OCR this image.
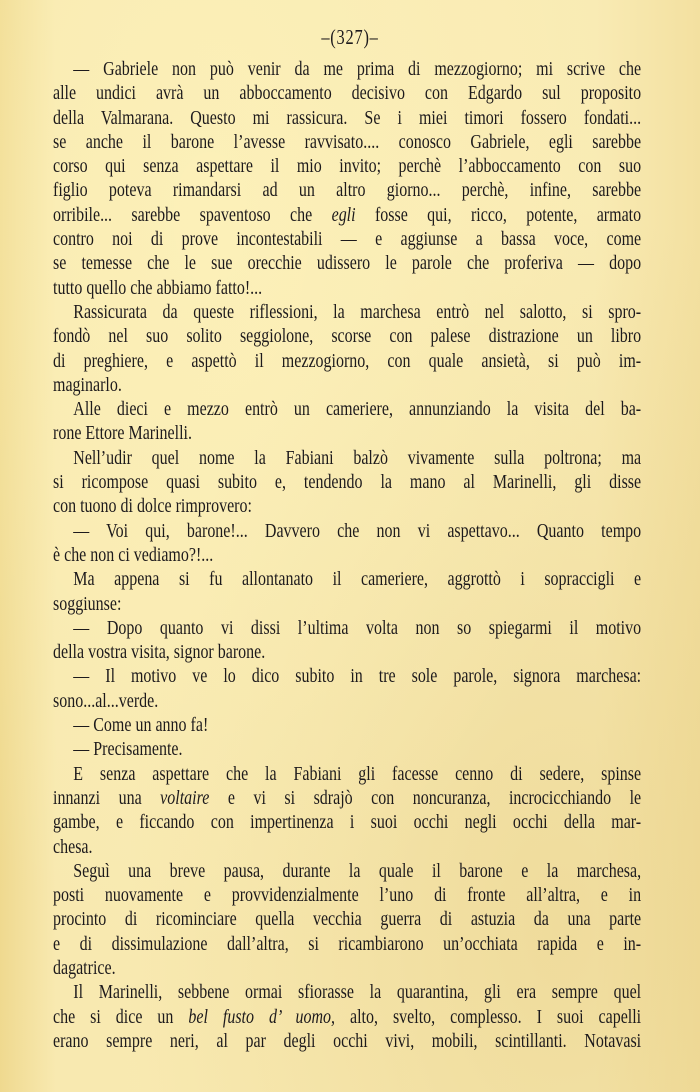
–(327)–
— Gabriele non può venir da me prima di mezzogiorno; mi scrive che
alle undici avrà un abboccamento decisivo con Edgardo sul proposito
della Valmarana. Questo mi rassicura. Se i miei timori fossero fondati...
se anche il barone l’avesse ravvisato.... conosco Gabriele, egli sarebbe
corso qui senza aspettare il mio invito; perchè l’abboccamento con suo
figlio poteva rimandarsi ad un altro giorno... perchè, infine, sarebbe
orribile... sarebbe spaventoso che egli fosse qui, ricco, potente, armato
contro noi di prove incontestabili — e aggiunse a bassa voce, come
se temesse che le sue orecchie udissero le parole che proferiva — dopo
tutto quello che abbiamo fatto!...
Rassicurata da queste riflessioni, la marchesa entrò nel salotto, si spro-
fondò nel suo solito seggiolone, scorse con palese distrazione un libro
di preghiere, e aspettò il mezzogiorno, con quale ansietà, si può im-
maginarlo.
Alle dieci e mezzo entrò un cameriere, annunziando la visita del ba-
rone Ettore Marinelli.
Nell’udir quel nome la Fabiani balzò vivamente sulla poltrona; ma
si ricompose quasi subito e, tendendo la mano al Marinelli, gli disse
con tuono di dolce rimprovero:
— Voi qui, barone!... Davvero che non vi aspettavo... Quanto tempo
è che non ci vediamo?!...
Ma appena si fu allontanato il cameriere, aggrottò i sopraccigli e
soggiunse:
— Dopo quanto vi dissi l’ultima volta non so spiegarmi il motivo
della vostra visita, signor barone.
— Il motivo ve lo dico subito in tre sole parole, signora marchesa:
sono...al...verde.
— Come un anno fa!
— Precisamente.
E senza aspettare che la Fabiani gli facesse cenno di sedere, spinse
innanzi una voltaire e vi si sdrajò con noncuranza, incrocicchiando le
gambe, e ficcando con impertinenza i suoi occhi negli occhi della mar-
chesa.
Seguì una breve pausa, durante la quale il barone e la marchesa,
posti nuovamente e provvidenzialmente l’uno di fronte all’altra, e in
procinto di ricominciare quella vecchia guerra di astuzia da una parte
e di dissimulazione dall’altra, si ricambiarono un’occhiata rapida e in-
dagatrice.
Il Marinelli, sebbene ormai sfiorasse la quarantina, gli era sempre quel
che si dice un bel fusto d’ uomo, alto, svelto, complesso. I suoi capelli
erano sempre neri, al par degli occhi vivi, mobili, scintillanti. Notavasi
